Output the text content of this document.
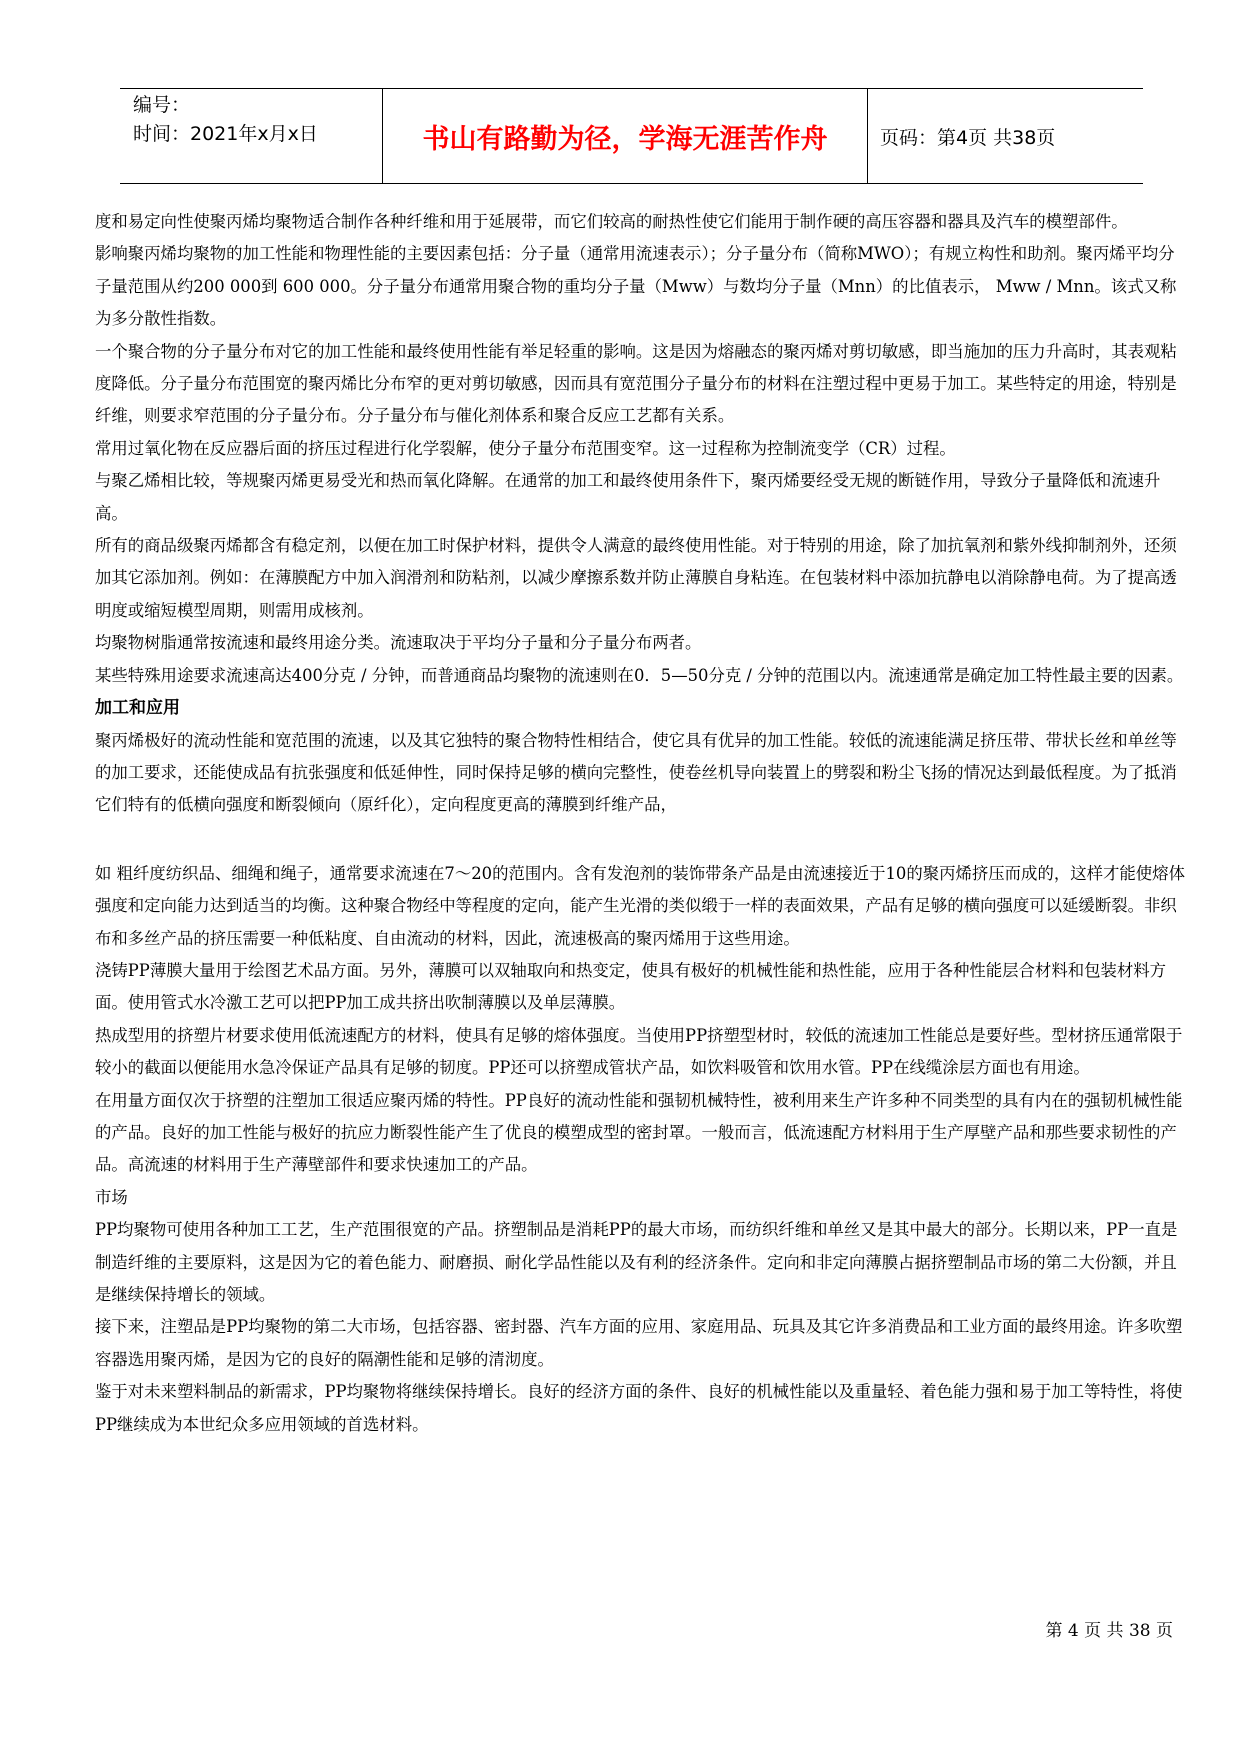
编号：
时间：2021年x月x日	书山有路勤为径，学海无涯苦作舟	页码：第4页 共38页

度和易定向性使聚丙烯均聚物适合制作各种纤维和用于延展带，而它们较高的耐热性使它们能用于制作硬的高压容器和器具及汽车的模塑部件。

影响聚丙烯均聚物的加工性能和物理性能的主要因素包括：分子量（通常用流速表示）；分子量分布（简称MWO）；有规立构性和助剂。聚丙烯平均分子量范围从约200 000到 600 000。分子量分布通常用聚合物的重均分子量（Mww）与数均分子量（Mnn）的比值表示， Mww / Mnn。该式又称为多分散性指数。

一个聚合物的分子量分布对它的加工性能和最终使用性能有举足轻重的影响。这是因为熔融态的聚丙烯对剪切敏感，即当施加的压力升高时，其表观粘度降低。分子量分布范围宽的聚丙烯比分布窄的更对剪切敏感，因而具有宽范围分子量分布的材料在注塑过程中更易于加工。某些特定的用途，特别是纤维，则要求窄范围的分子量分布。分子量分布与催化剂体系和聚合反应工艺都有关系。

常用过氧化物在反应器后面的挤压过程进行化学裂解，使分子量分布范围变窄。这一过程称为控制流变学（CR）过程。

与聚乙烯相比较，等规聚丙烯更易受光和热而氧化降解。在通常的加工和最终使用条件下，聚丙烯要经受无规的断链作用，导致分子量降低和流速升高。

所有的商品级聚丙烯都含有稳定剂，以便在加工时保护材料，提供令人满意的最终使用性能。对于特别的用途，除了加抗氧剂和紫外线抑制剂外，还须加其它添加剂。例如：在薄膜配方中加入润滑剂和防粘剂，以减少摩擦系数并防止薄膜自身粘连。在包装材料中添加抗静电以消除静电荷。为了提高透明度或缩短模型周期，则需用成核剂。

均聚物树脂通常按流速和最终用途分类。流速取决于平均分子量和分子量分布两者。

某些特殊用途要求流速高达400分克 / 分钟，而普通商品均聚物的流速则在0．5—50分克 / 分钟的范围以内。流速通常是确定加工特性最主要的因素。

加工和应用

聚丙烯极好的流动性能和宽范围的流速，以及其它独特的聚合物特性相结合，使它具有优异的加工性能。较低的流速能满足挤压带、带状长丝和单丝等的加工要求，还能使成品有抗张强度和低延伸性，同时保持足够的横向完整性，使卷丝机导向装置上的劈裂和粉尘飞扬的情况达到最低程度。为了抵消它们特有的低横向强度和断裂倾向（原纤化），定向程度更高的薄膜到纤维产品，

如 粗纤度纺织品、细绳和绳子，通常要求流速在7～20的范围内。含有发泡剂的装饰带条产品是由流速接近于10的聚丙烯挤压而成的，这样才能使熔体强度和定向能力达到适当的均衡。这种聚合物经中等程度的定向，能产生光滑的类似缎于一样的表面效果，产品有足够的横向强度可以延缓断裂。非织布和多丝产品的挤压需要一种低粘度、自由流动的材料，因此，流速极高的聚丙烯用于这些用途。

浇铸PP薄膜大量用于绘图艺术品方面。另外，薄膜可以双轴取向和热变定，使具有极好的机械性能和热性能，应用于各种性能层合材料和包装材料方面。使用管式水冷激工艺可以把PP加工成共挤出吹制薄膜以及单层薄膜。

热成型用的挤塑片材要求使用低流速配方的材料，使具有足够的熔体强度。当使用PP挤塑型材时，较低的流速加工性能总是要好些。型材挤压通常限于较小的截面以便能用水急冷保证产品具有足够的韧度。PP还可以挤塑成管状产品，如饮料吸管和饮用水管。PP在线缆涂层方面也有用途。

在用量方面仅次于挤塑的注塑加工很适应聚丙烯的特性。PP良好的流动性能和强韧机械特性，被利用来生产许多种不同类型的具有内在的强韧机械性能的产品。良好的加工性能与极好的抗应力断裂性能产生了优良的模塑成型的密封罩。一般而言，低流速配方材料用于生产厚壁产品和那些要求韧性的产品。高流速的材料用于生产薄壁部件和要求快速加工的产品。

市场

PP均聚物可使用各种加工工艺，生产范围很宽的产品。挤塑制品是消耗PP的最大市场，而纺织纤维和单丝又是其中最大的部分。长期以来，PP一直是制造纤维的主要原料，这是因为它的着色能力、耐磨损、耐化学品性能以及有利的经济条件。定向和非定向薄膜占据挤塑制品市场的第二大份额，并且是继续保持增长的领域。

接下来，注塑品是PP均聚物的第二大市场，包括容器、密封器、汽车方面的应用、家庭用品、玩具及其它许多消费品和工业方面的最终用途。许多吹塑容器选用聚丙烯，是因为它的良好的隔潮性能和足够的清沏度。

鉴于对未来塑料制品的新需求，PP均聚物将继续保持增长。良好的经济方面的条件、良好的机械性能以及重量轻、着色能力强和易于加工等特性，将使PP继续成为本世纪众多应用领域的首选材料。

第 4 页 共 38 页
